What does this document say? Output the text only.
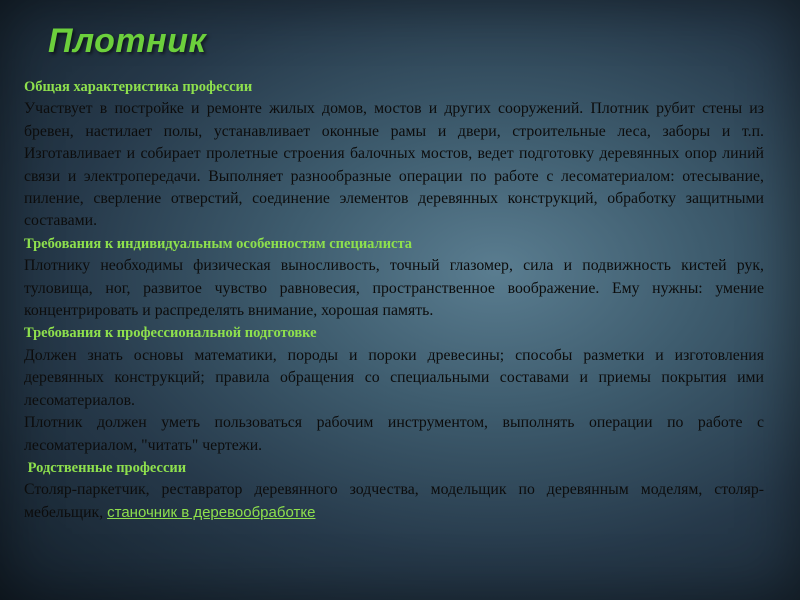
Плотник
Общая характеристика профессии

Участвует в постройке и ремонте жилых домов, мостов и других сооружений. Плотник рубит стены из бревен, настилает полы, устанавливает оконные рамы и двери, строительные леса, заборы и т.п. Изготавливает и собирает пролетные строения балочных мостов, ведет подготовку деревянных опор линий связи и электропередачи. Выполняет разнообразные операции по работе с лесоматериалом: отесывание, пиление, сверление отверстий, соединение элементов деревянных конструкций, обработку защитными составами.

Требования к индивидуальным особенностям специалиста

Плотнику необходимы физическая выносливость, точный глазомер, сила и подвижность кистей рук, туловища, ног, развитое чувство равновесия, пространственное воображение. Ему нужны: умение концентрировать и распределять внимание, хорошая память.

Требования к профессиональной подготовке

Должен знать основы математики, породы и пороки древесины; способы разметки и изготовления деревянных конструкций; правила обращения со специальными составами и приемы покрытия ими лесоматериалов.

Плотник должен уметь пользоваться рабочим инструментом, выполнять операции по работе с лесоматериалом, "читать" чертежи.

Родственные профессии

Столяр-паркетчик, реставратор деревянного зодчества, модельщик по деревянным моделям, столяр-мебельщик, станочник в деревообработке
